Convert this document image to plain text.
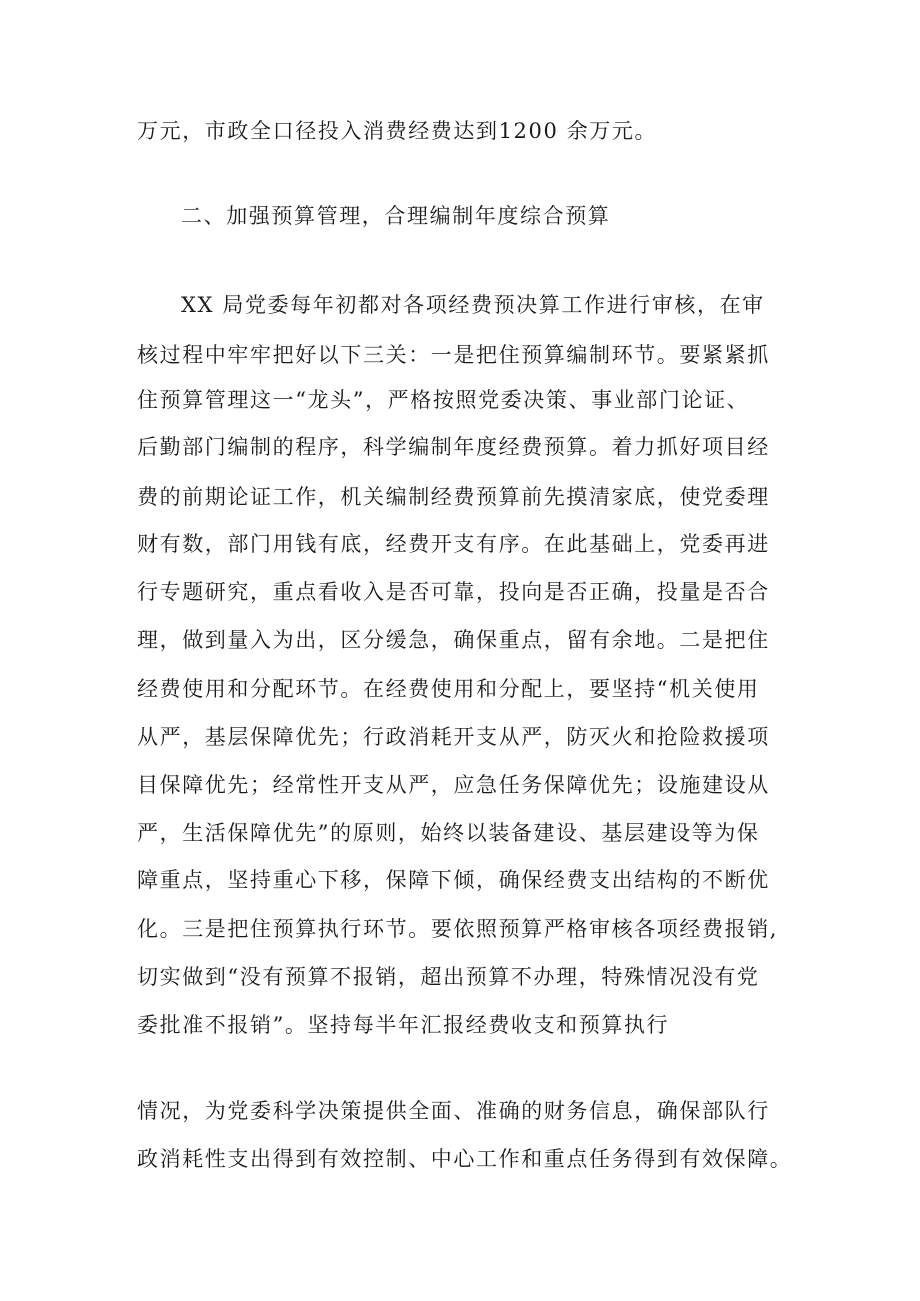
万元，市政全口径投入消费经费达到1200 余万元。
二、加强预算管理，合理编制年度综合预算
XX 局党委每年初都对各项经费预决算工作进行审核，在审
核过程中牢牢把好以下三关：一是把住预算编制环节。要紧紧抓
住预算管理这一“龙头”，严格按照党委决策、事业部门论证、
后勤部门编制的程序，科学编制年度经费预算。着力抓好项目经
费的前期论证工作，机关编制经费预算前先摸清家底，使党委理
财有数，部门用钱有底，经费开支有序。在此基础上，党委再进
行专题研究，重点看收入是否可靠，投向是否正确，投量是否合
理，做到量入为出，区分缓急，确保重点，留有余地。二是把住
经费使用和分配环节。在经费使用和分配上，要坚持“机关使用
从严，基层保障优先；行政消耗开支从严，防灭火和抢险救援项
目保障优先；经常性开支从严，应急任务保障优先；设施建设从
严，生活保障优先”的原则，始终以装备建设、基层建设等为保
障重点，坚持重心下移，保障下倾，确保经费支出结构的不断优
化。三是把住预算执行环节。要依照预算严格审核各项经费报销,
切实做到“没有预算不报销，超出预算不办理，特殊情况没有党
委批准不报销”。坚持每半年汇报经费收支和预算执行
情况，为党委科学决策提供全面、准确的财务信息，确保部队行
政消耗性支出得到有效控制、中心工作和重点任务得到有效保障。
